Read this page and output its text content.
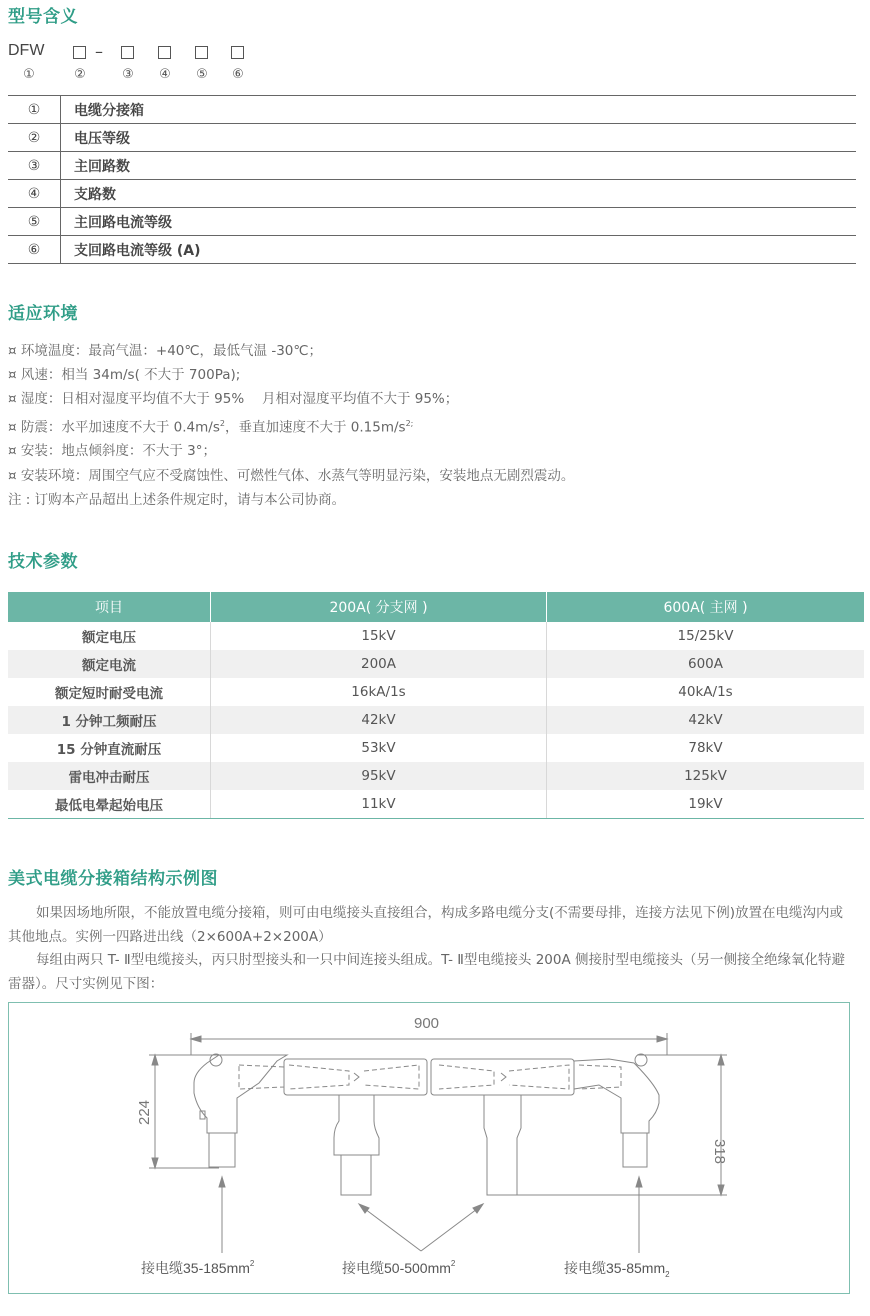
型号含义
DFW	–
①	②	③	④	⑤	⑥
①	电缆分接箱
②	电压等级
③	主回路数
④	支路数
⑤	主回路电流等级
⑥	支回路电流等级 (A)
适应环境
¤ 环境温度：最高气温：+40℃，最低气温 -30℃；
¤ 风速：相当 34m/s( 不大于 700Pa);
¤ 湿度：日相对湿度平均值不大于 95%　 月相对湿度平均值不大于 95%；
¤ 防震：水平加速度不大于 $0.4m/s^2$，垂直加速度不大于 $0.15m/s^{2;}$
¤ 安装：地点倾斜度：不大于 3°；
¤ 安装环境：周围空气应不受腐蚀性、可燃性气体、水蒸气等明显污染，安装地点无剧烈震动。
注 : 订购本产品超出上述条件规定时，请与本公司协商。
技术参数
项目	200A( 分支网 )	600A( 主网 )
额定电压	15kV	15/25kV
额定电流	200A	600A
额定短时耐受电流	16kA/1s	40kA/1s
1 分钟工频耐压	42kV	42kV
15 分钟直流耐压	53kV	78kV
雷电冲击耐压	95kV	125kV
最低电晕起始电压	11kV	19kV
美式电缆分接箱结构示例图

如果因场地所限，不能放置电缆分接箱，则可由电缆接头直接组合，构成多路电缆分支(不需要母排，连接方法见下例)放置在电缆沟内或其他地点。实例一四路进出线（2×600A+2×200A）

每组由两只 T- Ⅱ型电缆接头，丙只肘型接头和一只中间连接头组成。T- Ⅱ型电缆接头 200A 侧接肘型电缆接头（另一侧接全绝缘氧化特避雷器）。尺寸实例见下图：

900
224
318
接电缆$35-185mm^2$	接电缆$50-500mm^2$	接电缆$35-85mm_2$
